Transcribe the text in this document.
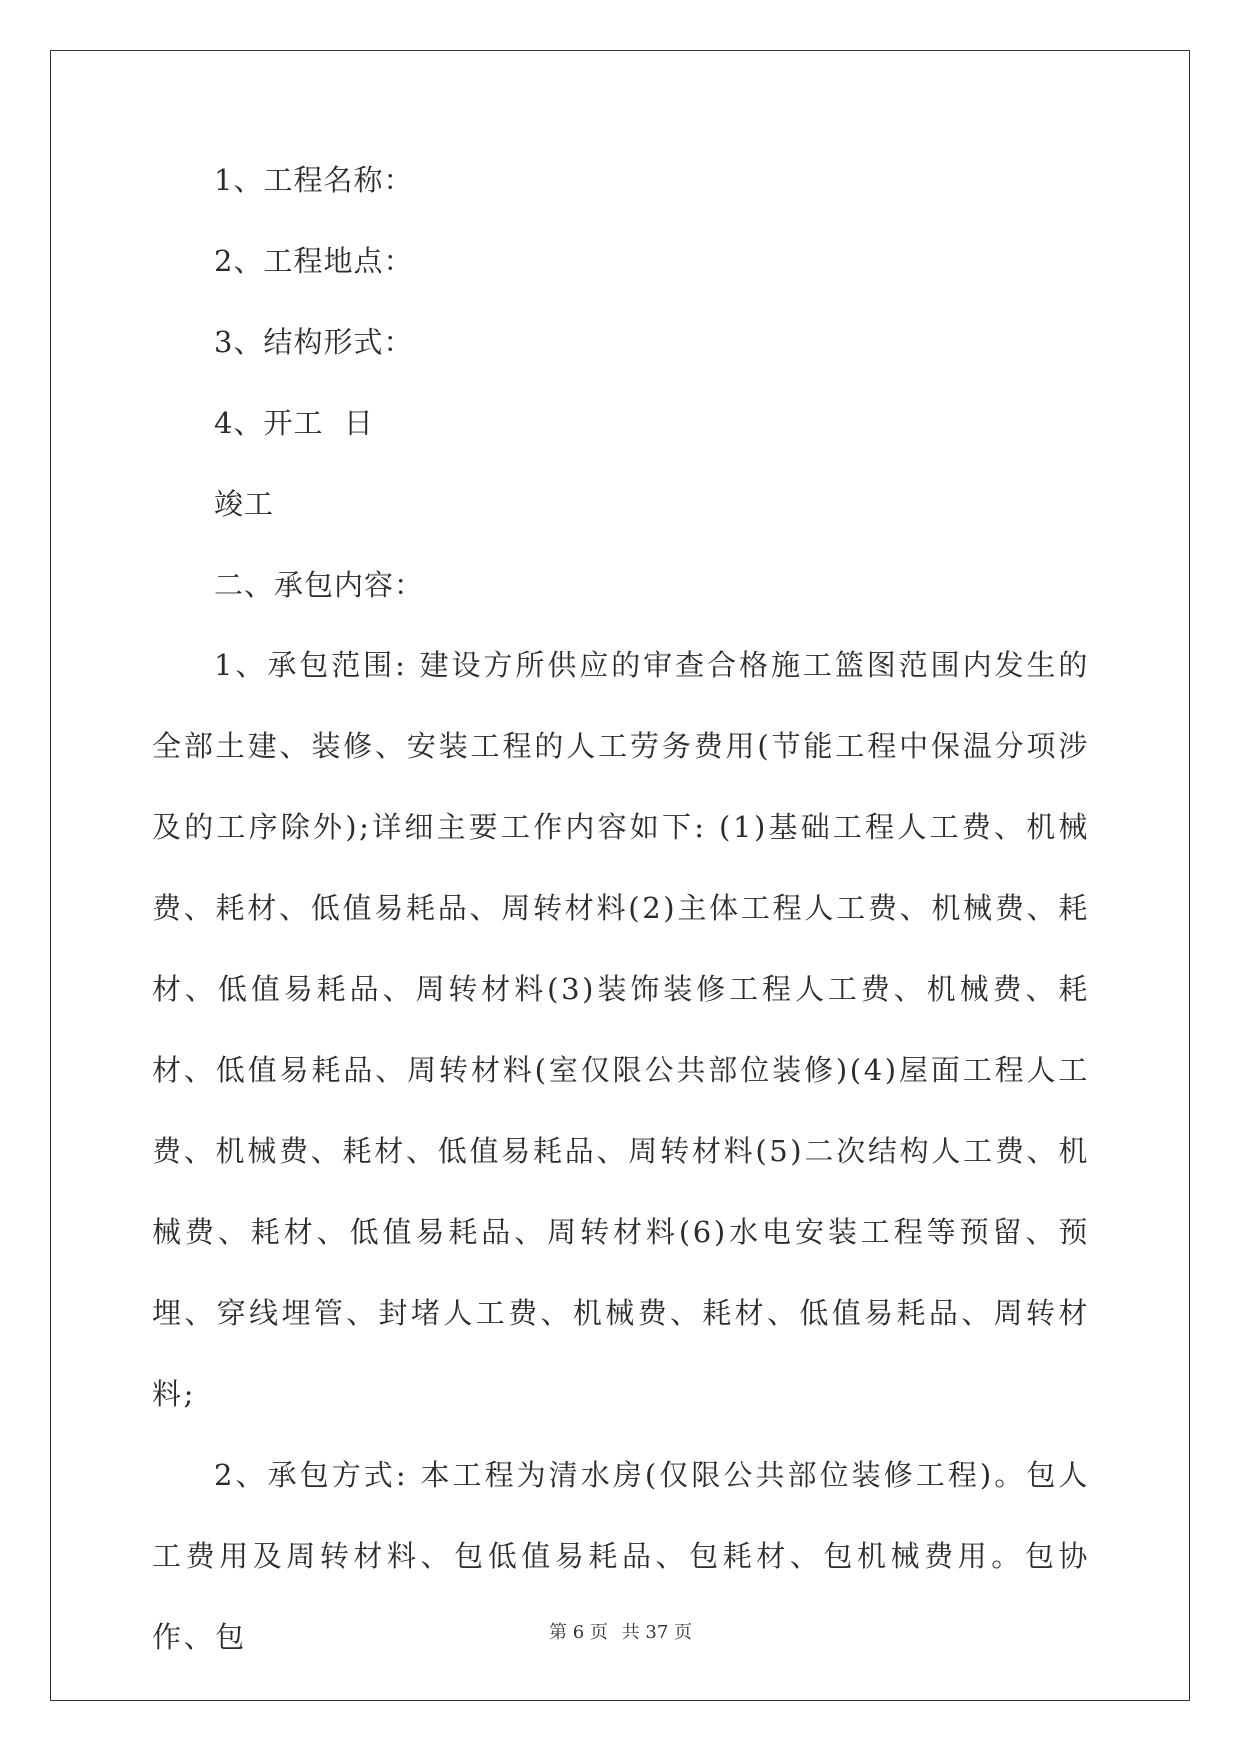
1、工程名称：

2、工程地点：

3、结构形式：

4、开工  日

竣工

二、承包内容：

1、承包范围: 建设方所供应的审查合格施工篮图范围内发生的全部土建、装修、安装工程的人工劳务费用(节能工程中保温分项涉及的工序除外);详细主要工作内容如下: (1)基础工程人工费、机械费、耗材、低值易耗品、周转材料(2)主体工程人工费、机械费、耗材、低值易耗品、周转材料(3)装饰装修工程人工费、机械费、耗材、低值易耗品、周转材料(室仅限公共部位装修)(4)屋面工程人工费、机械费、耗材、低值易耗品、周转材料(5)二次结构人工费、机械费、耗材、低值易耗品、周转材料(6)水电安装工程等预留、预埋、穿线埋管、封堵人工费、机械费、耗材、低值易耗品、周转材料;

2、承包方式: 本工程为清水房(仅限公共部位装修工程)。包人工费用及周转材料、包低值易耗品、包耗材、包机械费用。包协作、包	第 6 页 共 37 页
